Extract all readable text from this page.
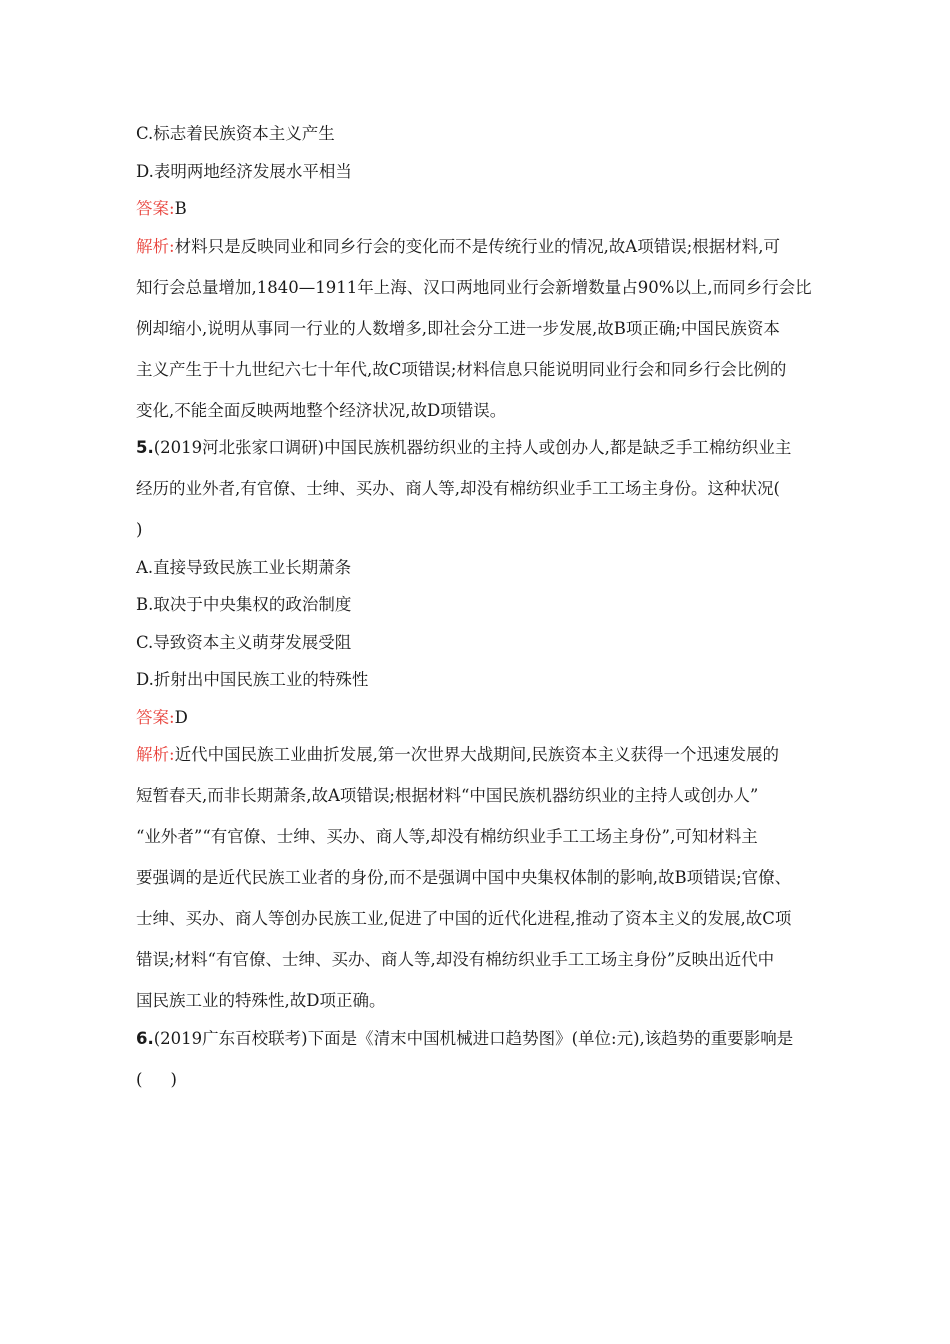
C.标志着民族资本主义产生
D.表明两地经济发展水平相当
答案:B
解析:材料只是反映同业和同乡行会的变化而不是传统行业的情况,故A项错误;根据材料,可
知行会总量增加,1840—1911年上海、汉口两地同业行会新增数量占90%以上,而同乡行会比
例却缩小,说明从事同一行业的人数增多,即社会分工进一步发展,故B项正确;中国民族资本
主义产生于十九世纪六七十年代,故C项错误;材料信息只能说明同业行会和同乡行会比例的
变化,不能全面反映两地整个经济状况,故D项错误。
5.(2019河北张家口调研)中国民族机器纺织业的主持人或创办人,都是缺乏手工棉纺织业主
经历的业外者,有官僚、士绅、买办、商人等,却没有棉纺织业手工工场主身份。这种状况(
)
A.直接导致民族工业长期萧条
B.取决于中央集权的政治制度
C.导致资本主义萌芽发展受阻
D.折射出中国民族工业的特殊性
答案:D
解析:近代中国民族工业曲折发展,第一次世界大战期间,民族资本主义获得一个迅速发展的
短暂春天,而非长期萧条,故A项错误;根据材料“中国民族机器纺织业的主持人或创办人”
“业外者”“有官僚、士绅、买办、商人等,却没有棉纺织业手工工场主身份”,可知材料主
要强调的是近代民族工业者的身份,而不是强调中国中央集权体制的影响,故B项错误;官僚、
士绅、买办、商人等创办民族工业,促进了中国的近代化进程,推动了资本主义的发展,故C项
错误;材料“有官僚、士绅、买办、商人等,却没有棉纺织业手工工场主身份”反映出近代中
国民族工业的特殊性,故D项正确。
6.(2019广东百校联考)下面是《清末中国机械进口趋势图》(单位:元),该趋势的重要影响是
( )
